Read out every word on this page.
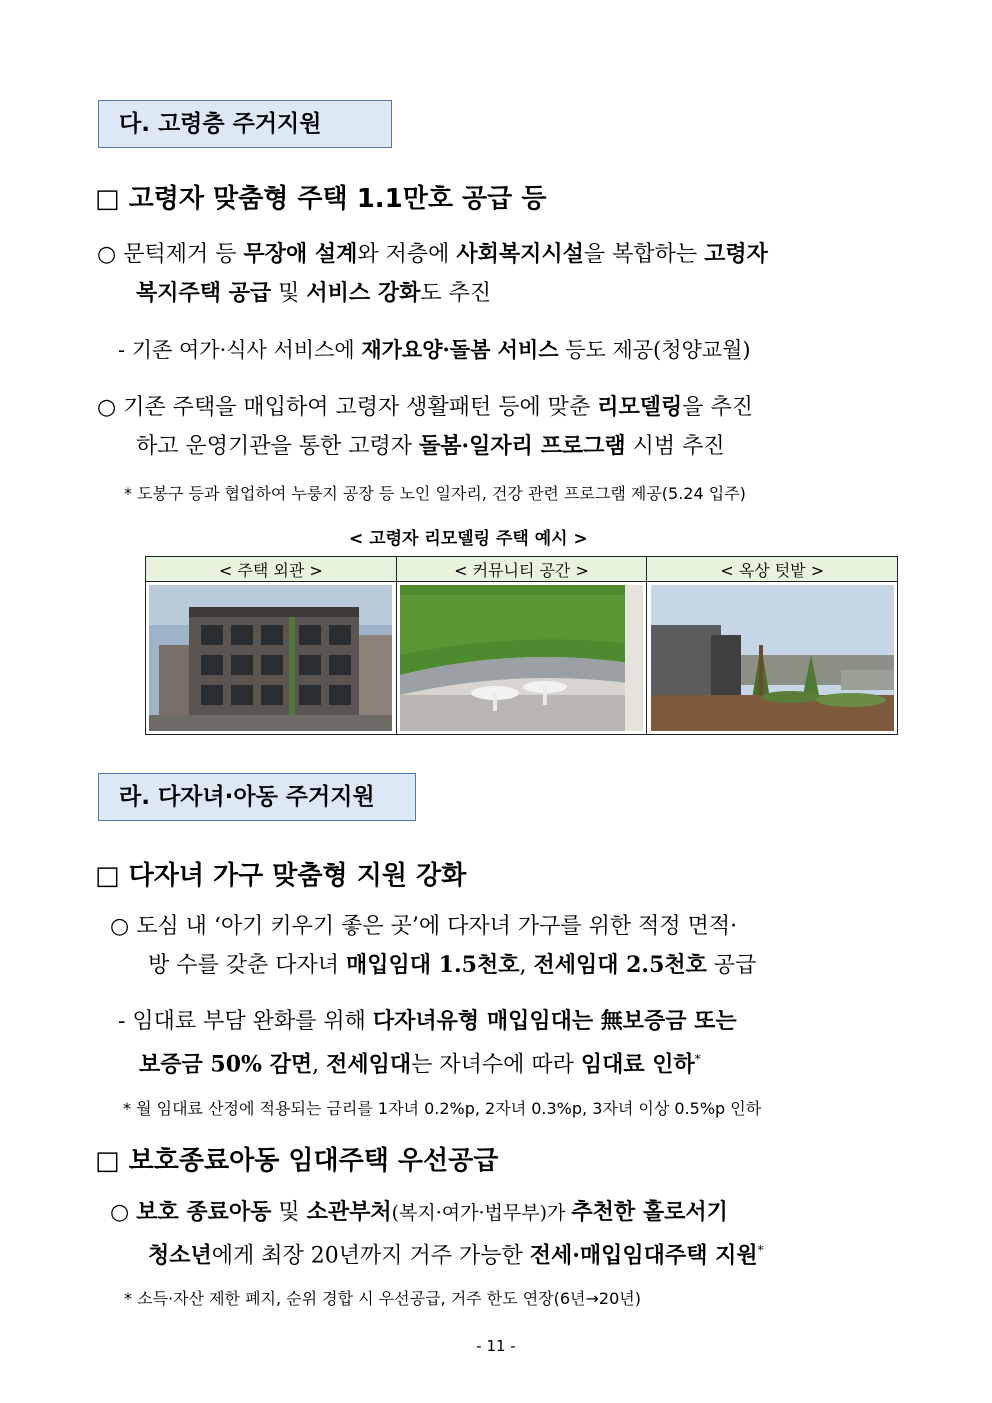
다. 고령층 주거지원
□ 고령자 맞춤형 주택 1.1만호 공급 등
○ 문턱제거 등 무장애 설계와 저층에 사회복지시설을 복합하는 고령자
복지주택 공급 및 서비스 강화도 추진
- 기존 여가·식사 서비스에 재가요양·돌봄 서비스 등도 제공(청양교월)
○ 기존 주택을 매입하여 고령자 생활패턴 등에 맞춘 리모델링을 추진
하고 운영기관을 통한 고령자 돌봄·일자리 프로그램 시범 추진
* 도봉구 등과 협업하여 누룽지 공장 등 노인 일자리, 건강 관련 프로그램 제공(5.24 입주)
< 고령자 리모델링 주택 예시 >
< 주택 외관 >	< 커뮤니티 공간 >	< 옥상 텃밭 >

라. 다자녀·아동 주거지원
□ 다자녀 가구 맞춤형 지원 강화
○ 도심 내 ‘아기 키우기 좋은 곳’에 다자녀 가구를 위한 적정 면적·
방 수를 갖춘 다자녀 매입임대 1.5천호, 전세임대 2.5천호 공급
- 임대료 부담 완화를 위해 다자녀유형 매입임대는 無보증금 또는
보증금 50% 감면, 전세임대는 자녀수에 따라 임대료 인하*
* 월 임대료 산정에 적용되는 금리를 1자녀 0.2%p, 2자녀 0.3%p, 3자녀 이상 0.5%p 인하
□ 보호종료아동 임대주택 우선공급
○ 보호 종료아동 및 소관부처(복지·여가·법무부)가 추천한 홀로서기
청소년에게 최장 20년까지 거주 가능한 전세·매입임대주택 지원*
* 소득·자산 제한 폐지, 순위 경합 시 우선공급, 거주 한도 연장(6년→20년)
- 11 -
